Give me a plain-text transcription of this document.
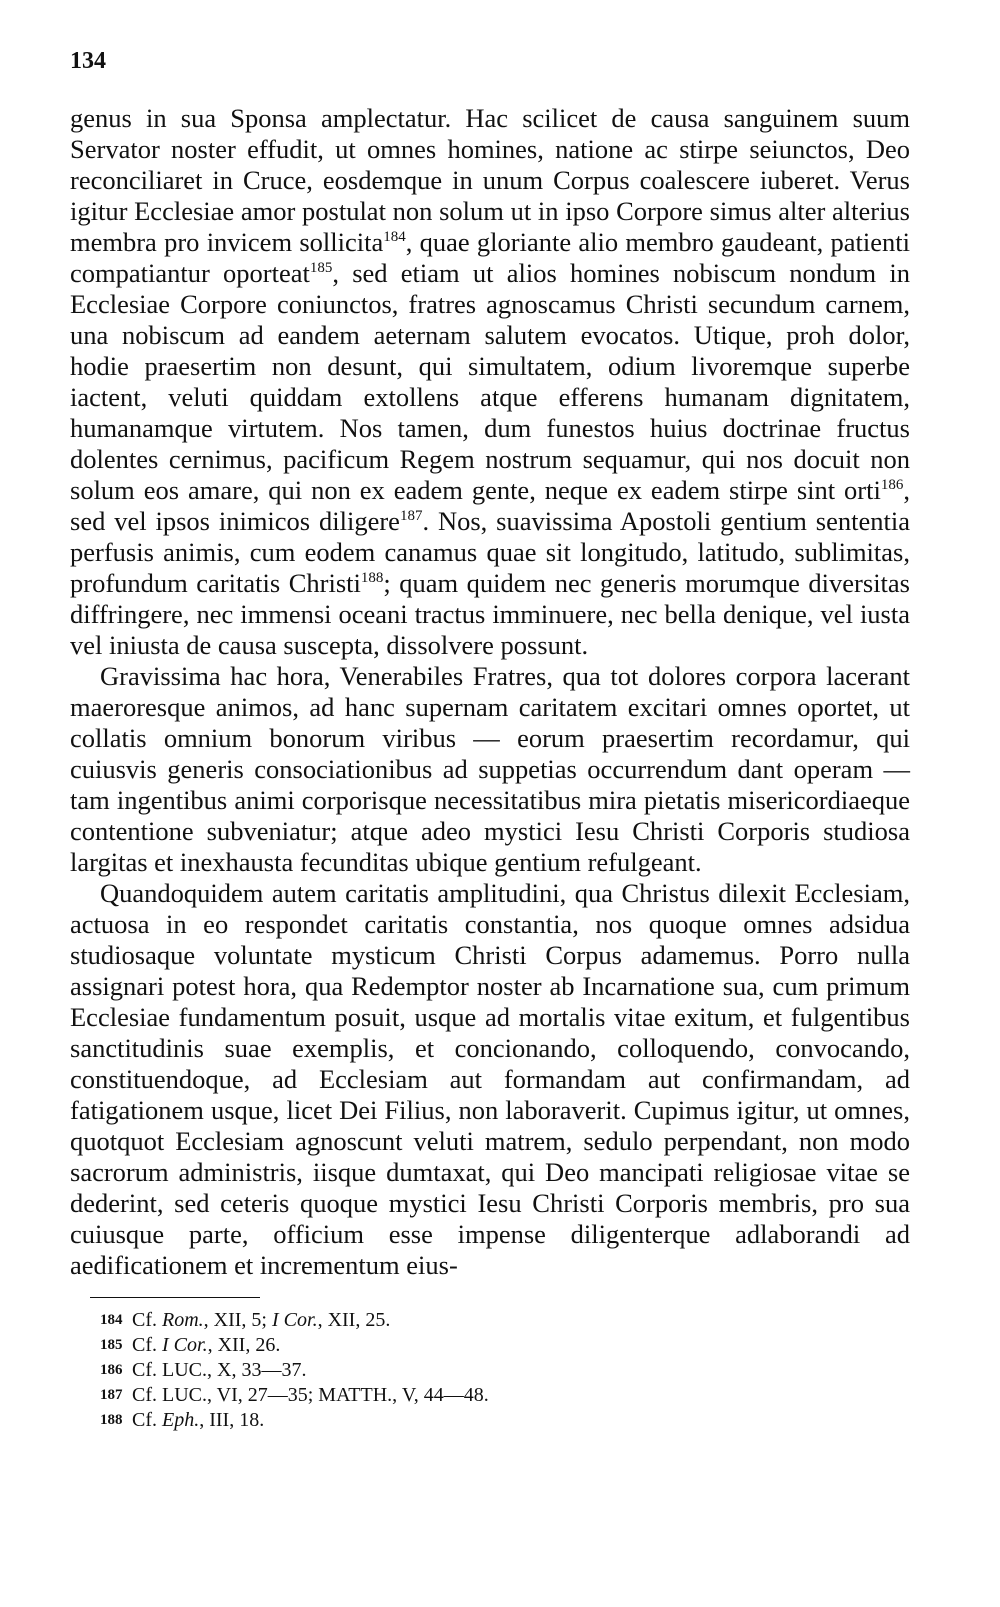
134

genus in sua Sponsa amplectatur. Hac scilicet de causa sanguinem suum Servator noster effudit, ut omnes homines, natione ac stirpe seiunctos, Deo reconciliaret in Cruce, eosdemque in unum Corpus coalescere iuberet. Verus igitur Ecclesiae amor postulat non solum ut in ipso Corpore simus alter alterius membra pro invicem sollicita$^{184}$, quae gloriante alio membro gaudeant, patienti compatiantur oporteat$^{185}$, sed etiam ut alios homines nobiscum nondum in Ecclesiae Corpore coniunctos, fratres agnoscamus Christi secundum carnem, una nobiscum ad eandem aeternam salutem evocatos. Utique, proh dolor, hodie praesertim non desunt, qui simultatem, odium livoremque superbe iactent, veluti quiddam extollens atque efferens humanam dignitatem, humanamque virtutem. Nos tamen, dum funestos huius doctrinae fructus dolentes cernimus, pacificum Regem nostrum sequamur, qui nos docuit non solum eos amare, qui non ex eadem gente, neque ex eadem stirpe sint orti$^{186}$, sed vel ipsos inimicos diligere$^{187}$. Nos, suavissima Apostoli gentium sententia perfusis animis, cum eodem canamus quae sit longitudo, latitudo, sublimitas, profundum caritatis Christi$^{188}$; quam quidem nec generis morumque diversitas diffringere, nec immensi oceani tractus imminuere, nec bella denique, vel iusta vel iniusta de causa suscepta, dissolvere possunt.

Gravissima hac hora, Venerabiles Fratres, qua tot dolores corpora lacerant maeroresque animos, ad hanc supernam caritatem excitari omnes oportet, ut collatis omnium bonorum viribus — eorum praesertim recordamur, qui cuiusvis generis consociationibus ad suppetias occurrendum dant operam — tam ingentibus animi corporisque necessitatibus mira pietatis misericordiaeque contentione subveniatur; atque adeo mystici Iesu Christi Corporis studiosa largitas et inexhausta fecunditas ubique gentium refulgeant.

Quandoquidem autem caritatis amplitudini, qua Christus dilexit Ecclesiam, actuosa in eo respondet caritatis constantia, nos quoque omnes adsidua studiosaque voluntate mysticum Christi Corpus adamemus. Porro nulla assignari potest hora, qua Redemptor noster ab Incarnatione sua, cum primum Ecclesiae fundamentum posuit, usque ad mortalis vitae exitum, et fulgentibus sanctitudinis suae exemplis, et concionando, colloquendo, convocando, constituendoque, ad Ecclesiam aut formandam aut confirmandam, ad fatigationem usque, licet Dei Filius, non laboraverit. Cupimus igitur, ut omnes, quotquot Ecclesiam agnoscunt veluti matrem, sedulo perpendant, non modo sacrorum administris, iisque dumtaxat, qui Deo mancipati religiosae vitae se dederint, sed ceteris quoque mystici Iesu Christi Corporis membris, pro sua cuiusque parte, officium esse impense diligenterque adlaborandi ad aedificationem et incrementum eius-

184 Cf. Rom., XII, 5; I Cor., XII, 25.
185 Cf. I Cor., XII, 26.
186 Cf. LUC., X, 33—37.
187 Cf. LUC., VI, 27—35; MATTH., V, 44—48.
188 Cf. Eph., III, 18.
